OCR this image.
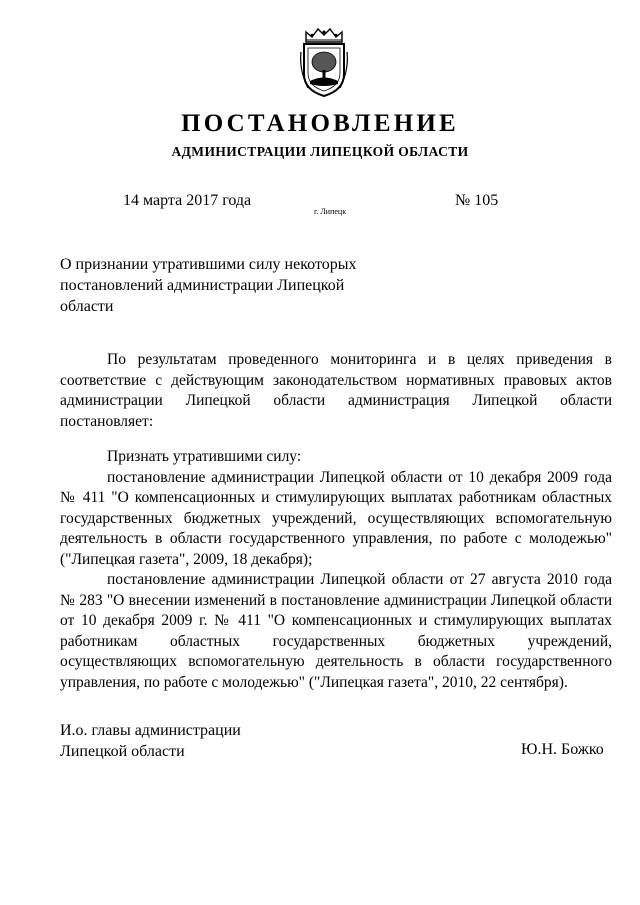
ПОСТАНОВЛЕНИЕ
АДМИНИСТРАЦИИ ЛИПЕЦКОЙ ОБЛАСТИ
14 марта 2017 года
г. Липецк
№ 105
О признании утратившими силу некоторых
постановлений администрации Липецкой
области

По результатам проведенного мониторинга и в целях приведения в соответствие с действующим законодательством нормативных правовых актов администрации Липецкой области администрация Липецкой области постановляет:

Признать утратившими силу:

постановление администрации Липецкой области от 10 декабря 2009 года № 411 "О компенсационных и стимулирующих выплатах работникам областных государственных бюджетных учреждений, осуществляющих вспомогательную деятельность в области государственного управления, по работе с молодежью" ("Липецкая газета", 2009, 18 декабря);

постановление администрации Липецкой области от 27 августа 2010 года № 283 "О внесении изменений в постановление администрации Липецкой области от 10 декабря 2009 г. № 411 "О компенсационных и стимулирующих выплатах работникам областных государственных бюджетных учреждений, осуществляющих вспомогательную деятельность в области государственного управления, по работе с молодежью" ("Липецкая газета", 2010, 22 сентября).

И.о. главы администрации
Липецкой области	Ю.Н. Божко
